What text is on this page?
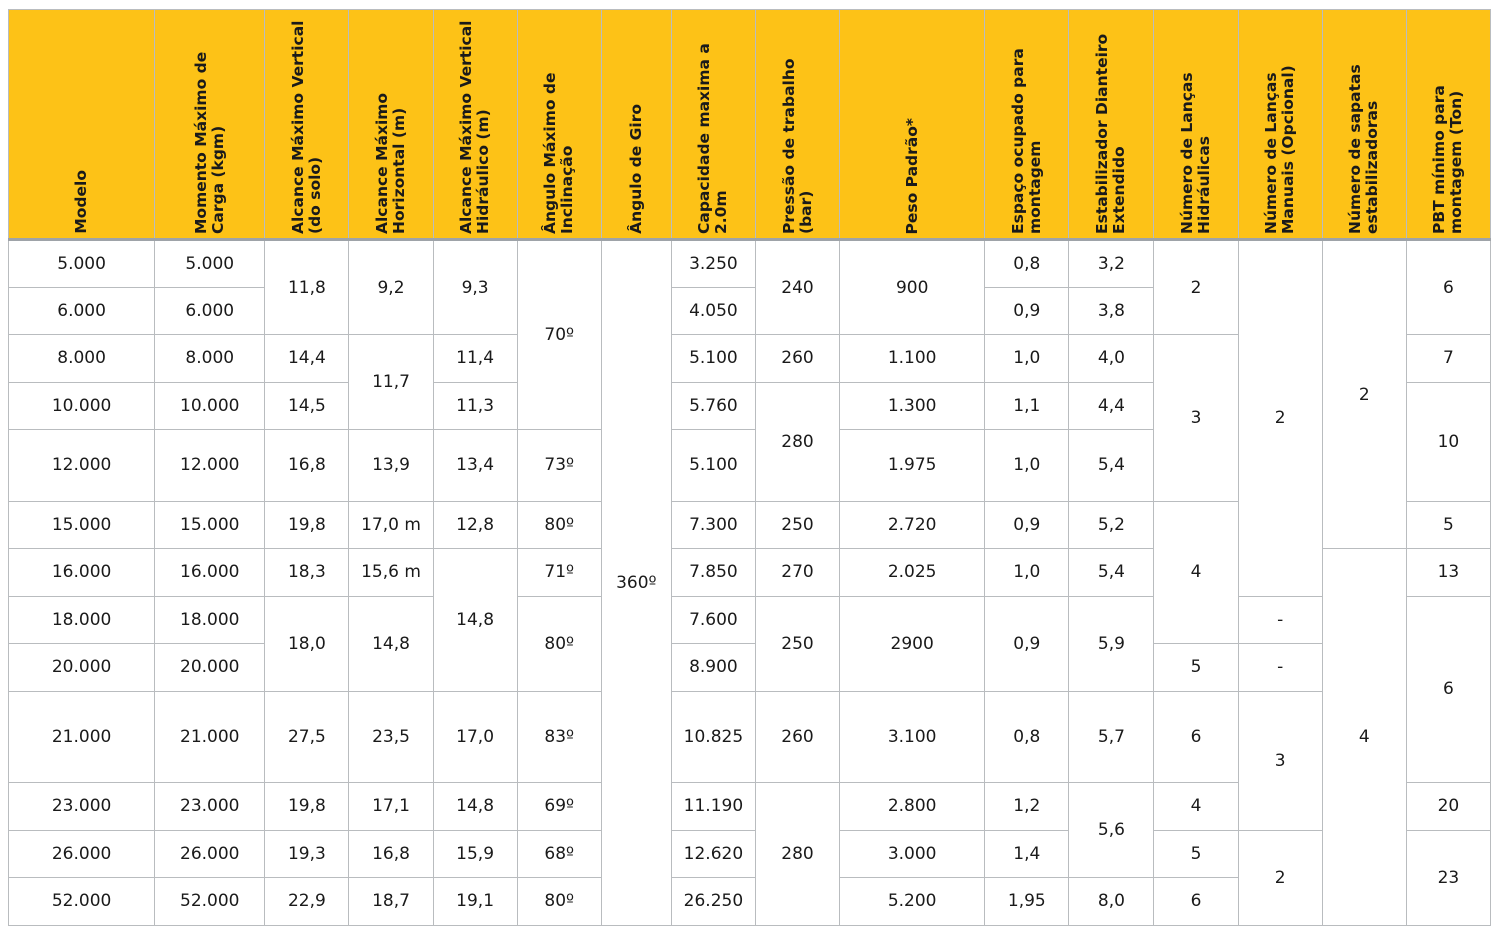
Modelo	Momento Máximo de Carga (kgm)	Alcance Máximo Vertical (do solo)	Alcance Máximo Horizontal (m)	Alcance Máximo Vertical Hidráulico (m)	Ângulo Máximo de Inclinação	Ângulo de Giro	Capacidade maxima a 2.0m	Pressão de trabalho (bar)	Peso Padrão*	Espaço ocupado para montagem	Estabilizador Dianteiro Extendido	Número de Lanças Hidráulicas	Número de Lanças Manuais (Opcional)	Número de sapatas estabilizadoras	PBT mínimo para montagem (Ton)
5.000	5.000	11,8	9,2	9,3	70º	360º	3.250	240	900	0,8	3,2	2	2	2	6
6.000	6.000						4.050			0,9	3,8				
8.000	8.000	14,4	11,7	11,4			5.100	260	1.100	1,0	4,0	3			7
10.000	10.000	14,5		11,3			5.760	280	1.300	1,1	4,4				10
12.000	12.000	16,8	13,9	13,4	73º		5.100		1.975	1,0	5,4				
15.000	15.000	19,8	17,0 m	12,8	80º		7.300	250	2.720	0,9	5,2	4			5
16.000	16.000	18,3	15,6 m	14,8	71º		7.850	270	2.025	1,0	5,4			4	13
18.000	18.000	18,0	14,8		80º		7.600	250	2900	0,9	5,9		-		6
20.000	20.000						8.900					5	-		
21.000	21.000	27,5	23,5	17,0	83º		10.825	260	3.100	0,8	5,7	6	3		
23.000	23.000	19,8	17,1	14,8	69º		11.190	280	2.800	1,2	5,6	4			20
26.000	26.000	19,3	16,8	15,9	68º		12.620		3.000	1,4		5	2		23
52.000	52.000	22,9	18,7	19,1	80º		26.250		5.200	1,95	8,0	6			
